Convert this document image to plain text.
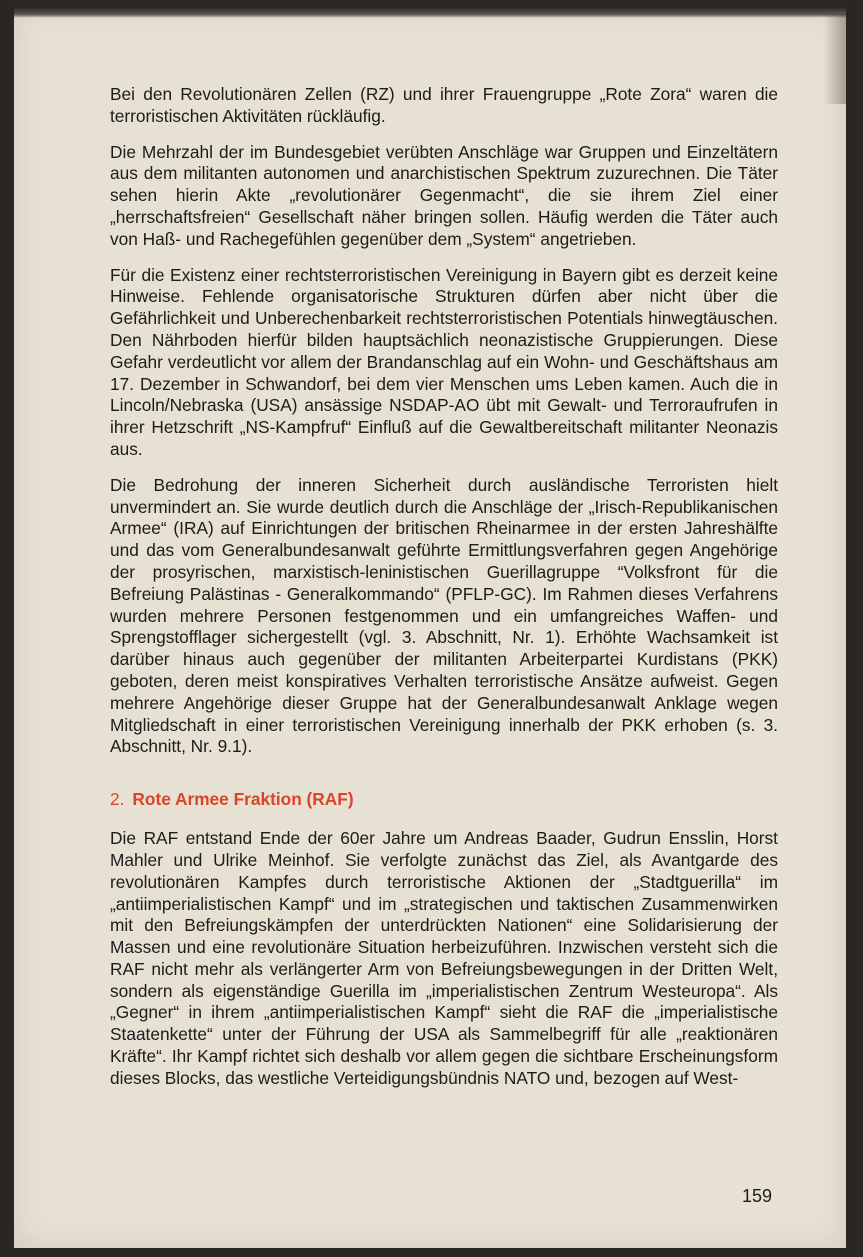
Bei den Revolutionären Zellen (RZ) und ihrer Frauengruppe „Rote Zora“ waren die terroristischen Aktivitäten rückläufig.

Die Mehrzahl der im Bundesgebiet verübten Anschläge war Gruppen und Einzeltätern aus dem militanten autonomen und anarchistischen Spektrum zuzurechnen. Die Täter sehen hierin Akte „revolutionärer Gegenmacht“, die sie ihrem Ziel einer „herrschaftsfreien“ Gesellschaft näher bringen sollen. Häufig werden die Täter auch von Haß- und Rachegefühlen gegenüber dem „System“ angetrieben.

Für die Existenz einer rechtsterroristischen Vereinigung in Bayern gibt es derzeit keine Hinweise. Fehlende organisatorische Strukturen dürfen aber nicht über die Gefährlichkeit und Unberechenbarkeit rechtsterroristischen Potentials hinwegtäuschen. Den Nährboden hierfür bilden hauptsächlich neonazistische Gruppierungen. Diese Gefahr verdeutlicht vor allem der Brandanschlag auf ein Wohn- und Geschäftshaus am 17. Dezember in Schwandorf, bei dem vier Menschen ums Leben kamen. Auch die in Lincoln/Nebraska (USA) ansässige NSDAP-AO übt mit Gewalt- und Terroraufrufen in ihrer Hetzschrift „NS-Kampfruf“ Einfluß auf die Gewaltbereitschaft militanter Neonazis aus.

Die Bedrohung der inneren Sicherheit durch ausländische Terroristen hielt unvermindert an. Sie wurde deutlich durch die Anschläge der „Irisch-Republikanischen Armee“ (IRA) auf Einrichtungen der britischen Rheinarmee in der ersten Jahreshälfte und das vom Generalbundesanwalt geführte Ermittlungsverfahren gegen Angehörige der prosyrischen, marxistisch-leninistischen Guerillagruppe “Volksfront für die Befreiung Palästinas - Generalkommando“ (PFLP-GC). Im Rahmen dieses Verfahrens wurden mehrere Personen festgenommen und ein umfangreiches Waffen- und Sprengstofflager sichergestellt (vgl. 3. Abschnitt, Nr. 1). Erhöhte Wachsamkeit ist darüber hinaus auch gegenüber der militanten Arbeiterpartei Kurdistans (PKK) geboten, deren meist konspiratives Verhalten terroristische Ansätze aufweist. Gegen mehrere Angehörige dieser Gruppe hat der Generalbundesanwalt Anklage wegen Mitgliedschaft in einer terroristischen Vereinigung innerhalb der PKK erhoben (s. 3. Abschnitt, Nr. 9.1).

2. Rote Armee Fraktion (RAF)

Die RAF entstand Ende der 60er Jahre um Andreas Baader, Gudrun Ensslin, Horst Mahler und Ulrike Meinhof. Sie verfolgte zunächst das Ziel, als Avantgarde des revolutionären Kampfes durch terroristische Aktionen der „Stadtguerilla“ im „antiimperialistischen Kampf“ und im „strategischen und taktischen Zusammenwirken mit den Befreiungskämpfen der unterdrückten Nationen“ eine Solidarisierung der Massen und eine revolutionäre Situation herbeizuführen. Inzwischen versteht sich die RAF nicht mehr als verlängerter Arm von Befreiungsbewegungen in der Dritten Welt, sondern als eigenständige Guerilla im „imperialistischen Zentrum Westeuropa“. Als „Gegner“ in ihrem „antiimperialistischen Kampf“ sieht die RAF die „imperialistische Staatenkette“ unter der Führung der USA als Sammelbegriff für alle „reaktionären Kräfte“. Ihr Kampf richtet sich deshalb vor allem gegen die sichtbare Erscheinungsform dieses Blocks, das westliche Verteidigungsbündnis NATO und, bezogen auf West-

159
